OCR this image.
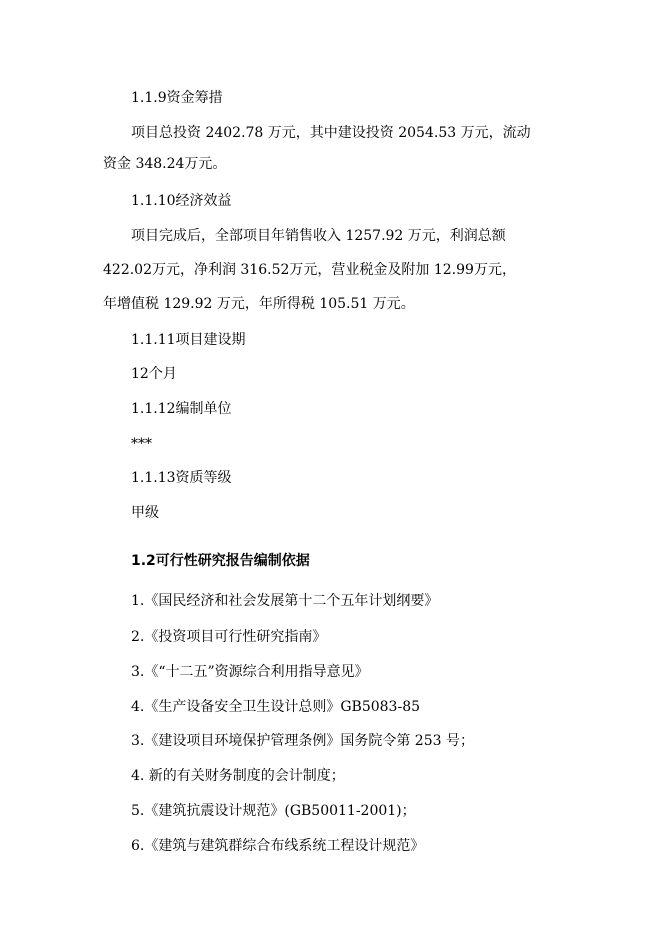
1.1.9资金筹措
项目总投资 2402.78 万元，其中建设投资 2054.53 万元，流动
资金 348.24万元。
1.1.10经济效益
项目完成后，全部项目年销售收入 1257.92 万元，利润总额
422.02万元，净利润 316.52万元，营业税金及附加 12.99万元，
年增值税 129.92 万元，年所得税 105.51 万元。
1.1.11项目建设期
12个月
1.1.12编制单位
***
1.1.13资质等级
甲级
1.2可行性研究报告编制依据
1.《国民经济和社会发展第十二个五年计划纲要》
2.《投资项目可行性研究指南》
3.《“十二五”资源综合利用指导意见》
4.《生产设备安全卫生设计总则》GB5083-85
3.《建设项目环境保护管理条例》国务院令第 253 号；
4. 新的有关财务制度的会计制度；
5.《建筑抗震设计规范》(GB50011-2001)；
6.《建筑与建筑群综合布线系统工程设计规范》
